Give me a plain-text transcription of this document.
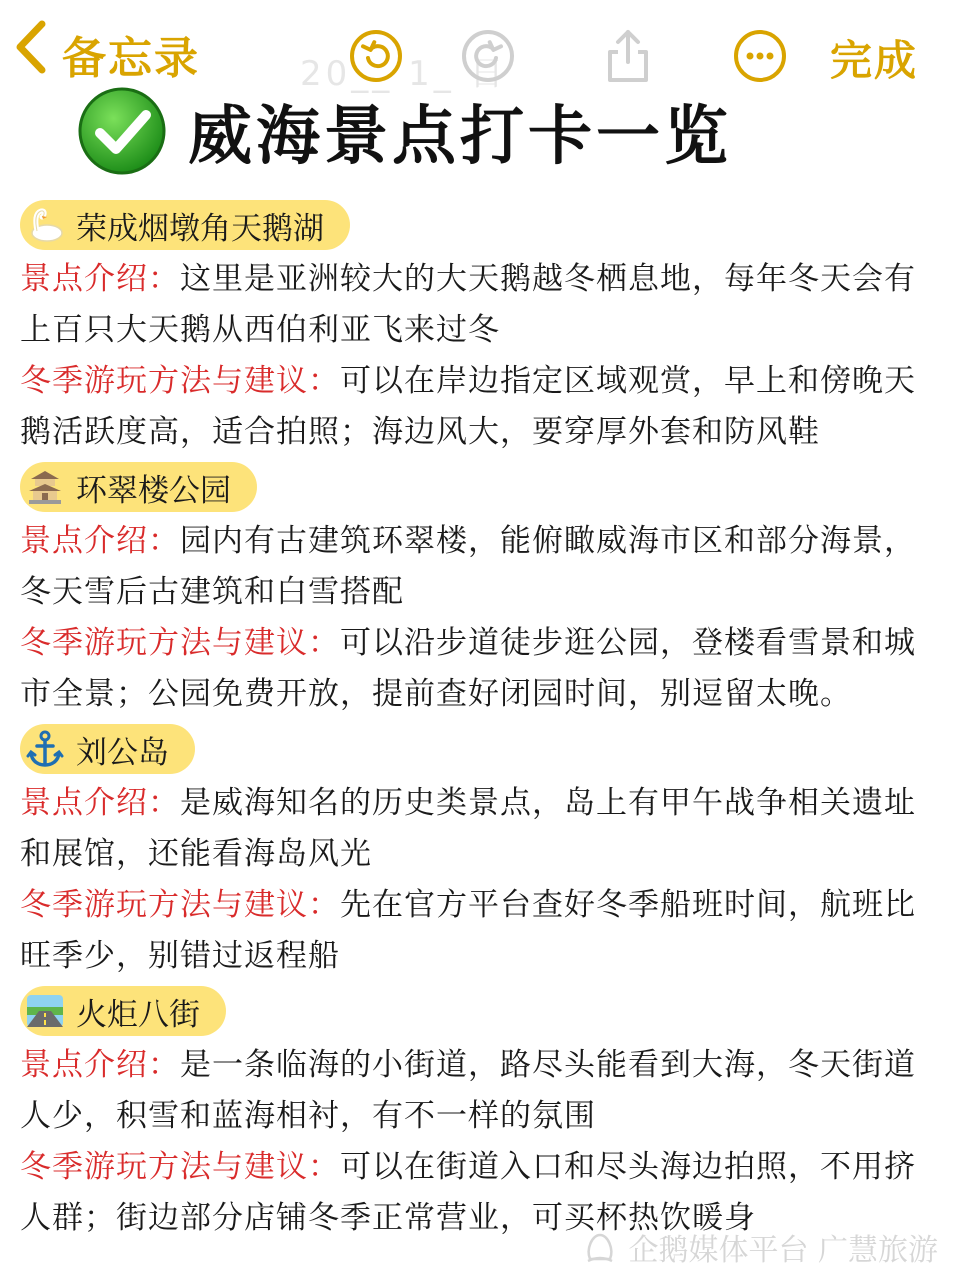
备忘录	20__ 1_ 日	完成
威海景点打卡一览
荣成烟墩角天鹅湖

景点介绍：这里是亚洲较大的大天鹅越冬栖息地，每年冬天会有上百只大天鹅从西伯利亚飞来过冬

冬季游玩方法与建议：可以在岸边指定区域观赏，早上和傍晚天鹅活跃度高，适合拍照；海边风大，要穿厚外套和防风鞋

环翠楼公园

景点介绍：园内有古建筑环翠楼，能俯瞰威海市区和部分海景，冬天雪后古建筑和白雪搭配

冬季游玩方法与建议：可以沿步道徒步逛公园，登楼看雪景和城市全景；公园免费开放，提前查好闭园时间，别逗留太晚。

刘公岛

景点介绍：是威海知名的历史类景点，岛上有甲午战争相关遗址和展馆，还能看海岛风光

冬季游玩方法与建议：先在官方平台查好冬季船班时间，航班比旺季少，别错过返程船

火炬八街

景点介绍：是一条临海的小街道，路尽头能看到大海，冬天街道人少，积雪和蓝海相衬，有不一样的氛围

冬季游玩方法与建议：可以在街道入口和尽头海边拍照，不用挤人群；街边部分店铺冬季正常营业，可买杯热饮暖身

企鹅媒体平台 广慧旅游
